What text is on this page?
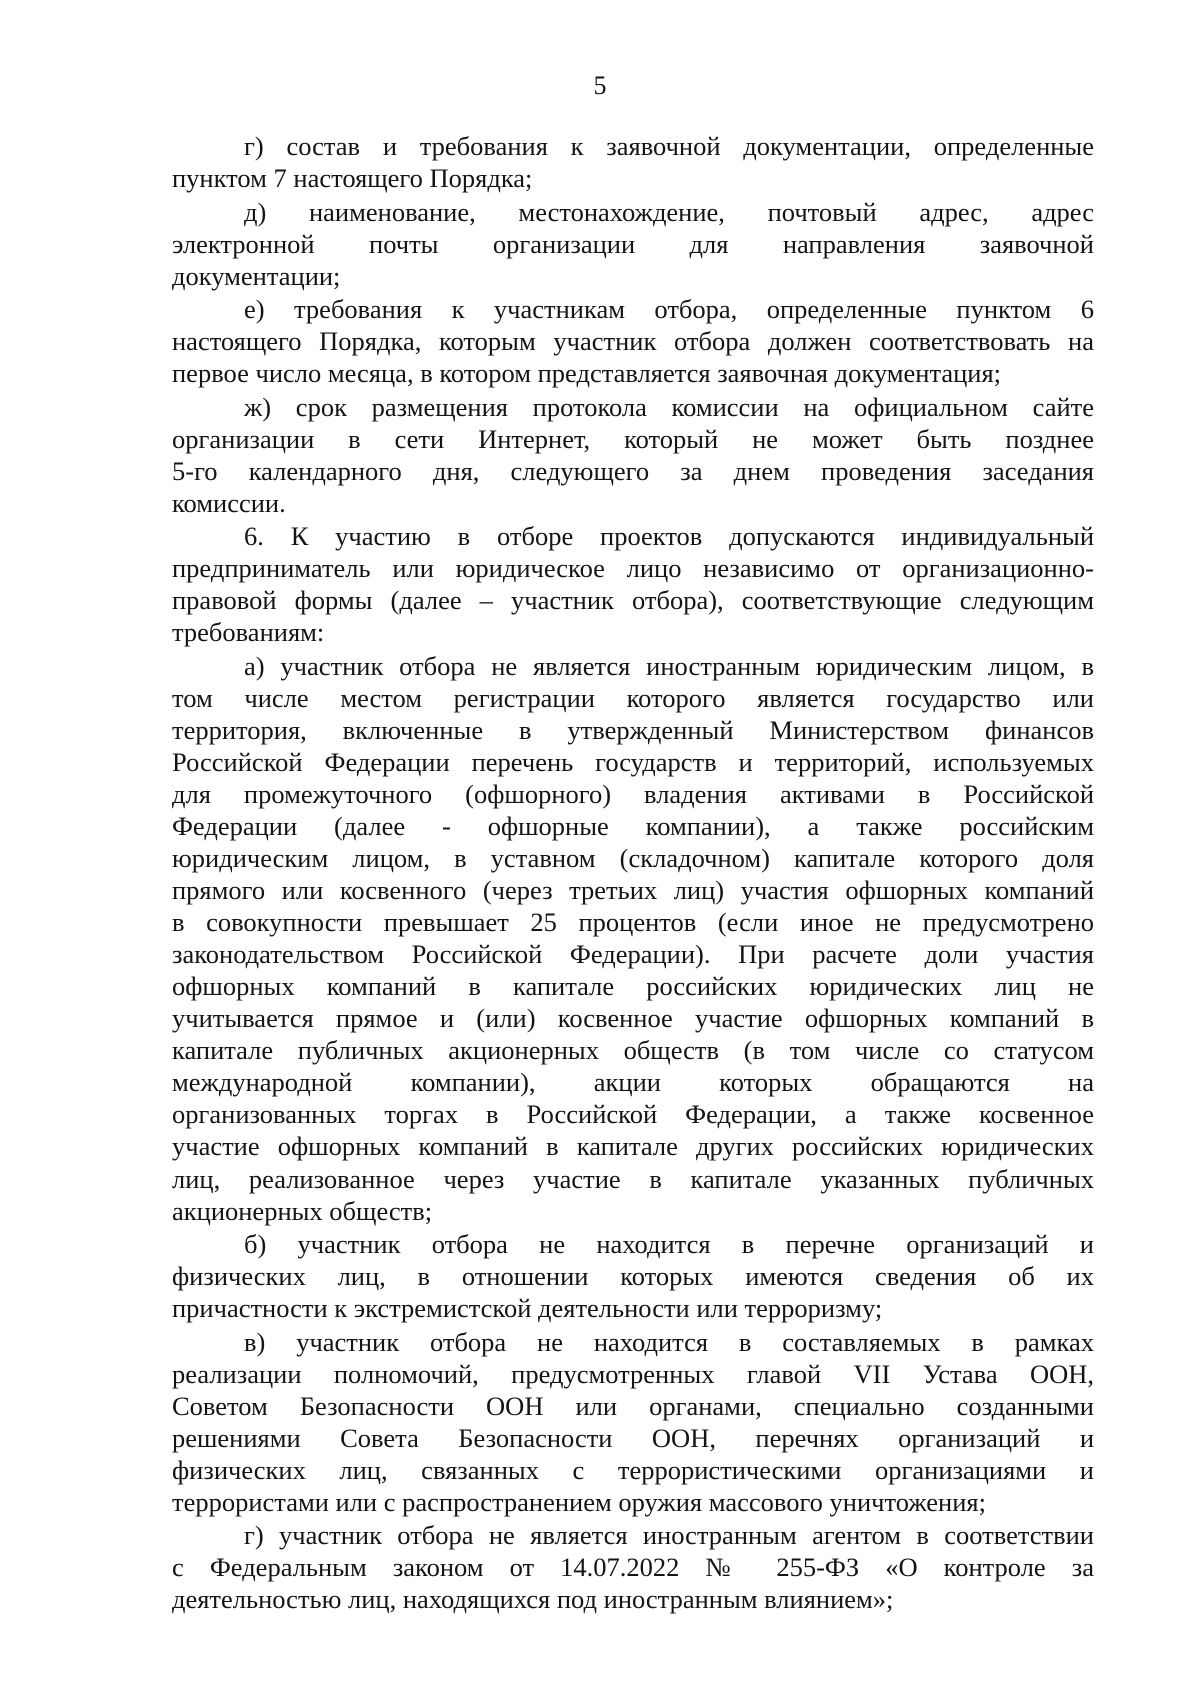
5
г) состав и требования к заявочной документации, определенные
пунктом 7 настоящего Порядка;
д) наименование, местонахождение, почтовый адрес, адрес
электронной почты организации для направления заявочной
документации;
е) требования к участникам отбора, определенные пунктом 6
настоящего Порядка, которым участник отбора должен соответствовать на
первое число месяца, в котором представляется заявочная документация;
ж) срок размещения протокола комиссии на официальном сайте
организации в сети Интернет, который не может быть позднее
5-го календарного дня, следующего за днем проведения заседания
комиссии.
6. К участию в отборе проектов допускаются индивидуальный
предприниматель или юридическое лицо независимо от организационно-
правовой формы (далее – участник отбора), соответствующие следующим
требованиям:
а) участник отбора не является иностранным юридическим лицом, в
том числе местом регистрации которого является государство или
территория, включенные в утвержденный Министерством финансов
Российской Федерации перечень государств и территорий, используемых
для промежуточного (офшорного) владения активами в Российской
Федерации (далее - офшорные компании), а также российским
юридическим лицом, в уставном (складочном) капитале которого доля
прямого или косвенного (через третьих лиц) участия офшорных компаний
в совокупности превышает 25 процентов (если иное не предусмотрено
законодательством Российской Федерации). При расчете доли участия
офшорных компаний в капитале российских юридических лиц не
учитывается прямое и (или) косвенное участие офшорных компаний в
капитале публичных акционерных обществ (в том числе со статусом
международной компании), акции которых обращаются на
организованных торгах в Российской Федерации, а также косвенное
участие офшорных компаний в капитале других российских юридических
лиц, реализованное через участие в капитале указанных публичных
акционерных обществ;
б) участник отбора не находится в перечне организаций и
физических лиц, в отношении которых имеются сведения об их
причастности к экстремистской деятельности или терроризму;
в) участник отбора не находится в составляемых в рамках
реализации полномочий, предусмотренных главой VII Устава ООН,
Советом Безопасности ООН или органами, специально созданными
решениями Совета Безопасности ООН, перечнях организаций и
физических лиц, связанных с террористическими организациями и
террористами или с распространением оружия массового уничтожения;
г) участник отбора не является иностранным агентом в соответствии
с Федеральным законом от 14.07.2022 № 255-ФЗ «О контроле за
деятельностью лиц, находящихся под иностранным влиянием»;
